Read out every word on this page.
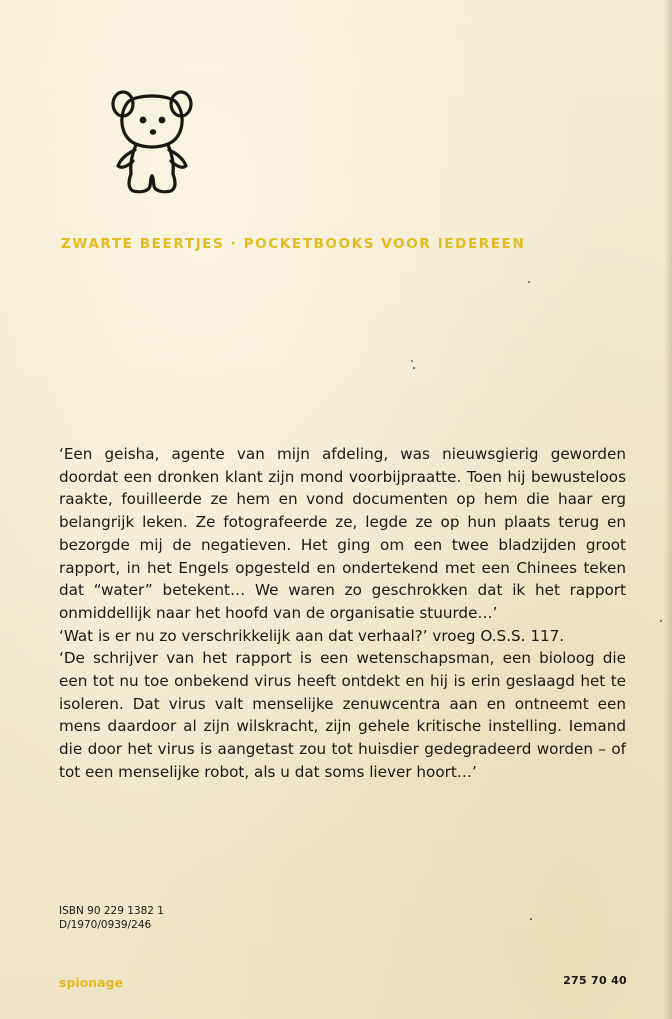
ZWARTE BEERTJES · POCKETBOOKS VOOR IEDEREEN

‘Een geisha, agente van mijn afdeling, was nieuwsgierig geworden doordat een dronken klant zijn mond voorbijpraatte. Toen hij bewusteloos raakte, fouilleerde ze hem en vond documenten op hem die haar erg belangrijk leken. Ze fotografeerde ze, legde ze op hun plaats terug en bezorgde mij de negatieven. Het ging om een twee bladzijden groot rapport, in het Engels opgesteld en ondertekend met een Chinees teken dat “water” betekent… We waren zo geschrokken dat ik het rapport onmiddellijk naar het hoofd van de organisatie stuurde…’

‘Wat is er nu zo verschrikkelijk aan dat verhaal?’ vroeg O.S.S. 117.

‘De schrijver van het rapport is een wetenschapsman, een bioloog die een tot nu toe onbekend virus heeft ontdekt en hij is erin geslaagd het te isoleren. Dat virus valt menselijke zenuwcentra aan en ontneemt een mens daardoor al zijn wilskracht, zijn gehele kritische instelling. Iemand die door het virus is aangetast zou tot huisdier gedegradeerd worden – of tot een menselijke robot, als u dat soms liever hoort…’

ISBN 90 229 1382 1
D/1970/0939/246
spionage	275 70 40
